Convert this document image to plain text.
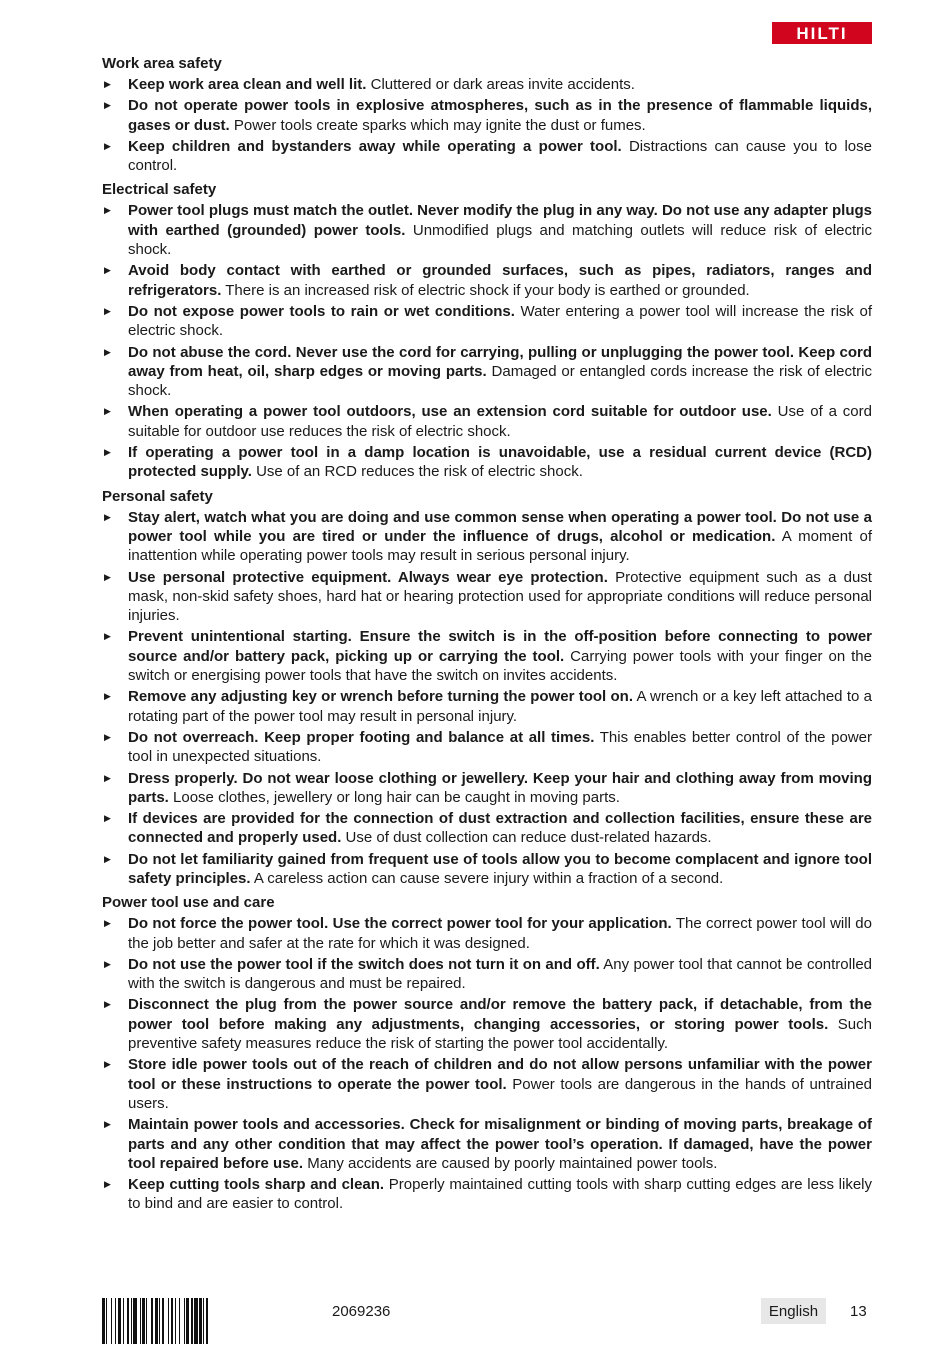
HILTI
Work area safety
▶ Keep work area clean and well lit. Cluttered or dark areas invite accidents.
▶ Do not operate power tools in explosive atmospheres, such as in the presence of flammable liquids, gases or dust. Power tools create sparks which may ignite the dust or fumes.
▶ Keep children and bystanders away while operating a power tool. Distractions can cause you to lose control.
Electrical safety
▶ Power tool plugs must match the outlet. Never modify the plug in any way. Do not use any adapter plugs with earthed (grounded) power tools. Unmodified plugs and matching outlets will reduce risk of electric shock.
▶ Avoid body contact with earthed or grounded surfaces, such as pipes, radiators, ranges and refrigerators. There is an increased risk of electric shock if your body is earthed or grounded.
▶ Do not expose power tools to rain or wet conditions. Water entering a power tool will increase the risk of electric shock.
▶ Do not abuse the cord. Never use the cord for carrying, pulling or unplugging the power tool. Keep cord away from heat, oil, sharp edges or moving parts. Damaged or entangled cords increase the risk of electric shock.
▶ When operating a power tool outdoors, use an extension cord suitable for outdoor use. Use of a cord suitable for outdoor use reduces the risk of electric shock.
▶ If operating a power tool in a damp location is unavoidable, use a residual current device (RCD) protected supply. Use of an RCD reduces the risk of electric shock.
Personal safety
▶ Stay alert, watch what you are doing and use common sense when operating a power tool. Do not use a power tool while you are tired or under the influence of drugs, alcohol or medication. A moment of inattention while operating power tools may result in serious personal injury.
▶ Use personal protective equipment. Always wear eye protection. Protective equipment such as a dust mask, non-skid safety shoes, hard hat or hearing protection used for appropriate conditions will reduce personal injuries.
▶ Prevent unintentional starting. Ensure the switch is in the off-position before connecting to power source and/or battery pack, picking up or carrying the tool. Carrying power tools with your finger on the switch or energising power tools that have the switch on invites accidents.
▶ Remove any adjusting key or wrench before turning the power tool on. A wrench or a key left attached to a rotating part of the power tool may result in personal injury.
▶ Do not overreach. Keep proper footing and balance at all times. This enables better control of the power tool in unexpected situations.
▶ Dress properly. Do not wear loose clothing or jewellery. Keep your hair and clothing away from moving parts. Loose clothes, jewellery or long hair can be caught in moving parts.
▶ If devices are provided for the connection of dust extraction and collection facilities, ensure these are connected and properly used. Use of dust collection can reduce dust-related hazards.
▶ Do not let familiarity gained from frequent use of tools allow you to become complacent and ignore tool safety principles. A careless action can cause severe injury within a fraction of a second.
Power tool use and care
▶ Do not force the power tool. Use the correct power tool for your application. The correct power tool will do the job better and safer at the rate for which it was designed.
▶ Do not use the power tool if the switch does not turn it on and off. Any power tool that cannot be controlled with the switch is dangerous and must be repaired.
▶ Disconnect the plug from the power source and/or remove the battery pack, if detachable, from the power tool before making any adjustments, changing accessories, or storing power tools. Such preventive safety measures reduce the risk of starting the power tool accidentally.
▶ Store idle power tools out of the reach of children and do not allow persons unfamiliar with the power tool or these instructions to operate the power tool. Power tools are dangerous in the hands of untrained users.
▶ Maintain power tools and accessories. Check for misalignment or binding of moving parts, breakage of parts and any other condition that may affect the power tool’s operation. If damaged, have the power tool repaired before use. Many accidents are caused by poorly maintained power tools.
▶ Keep cutting tools sharp and clean. Properly maintained cutting tools with sharp cutting edges are less likely to bind and are easier to control.
2069236	English	13
